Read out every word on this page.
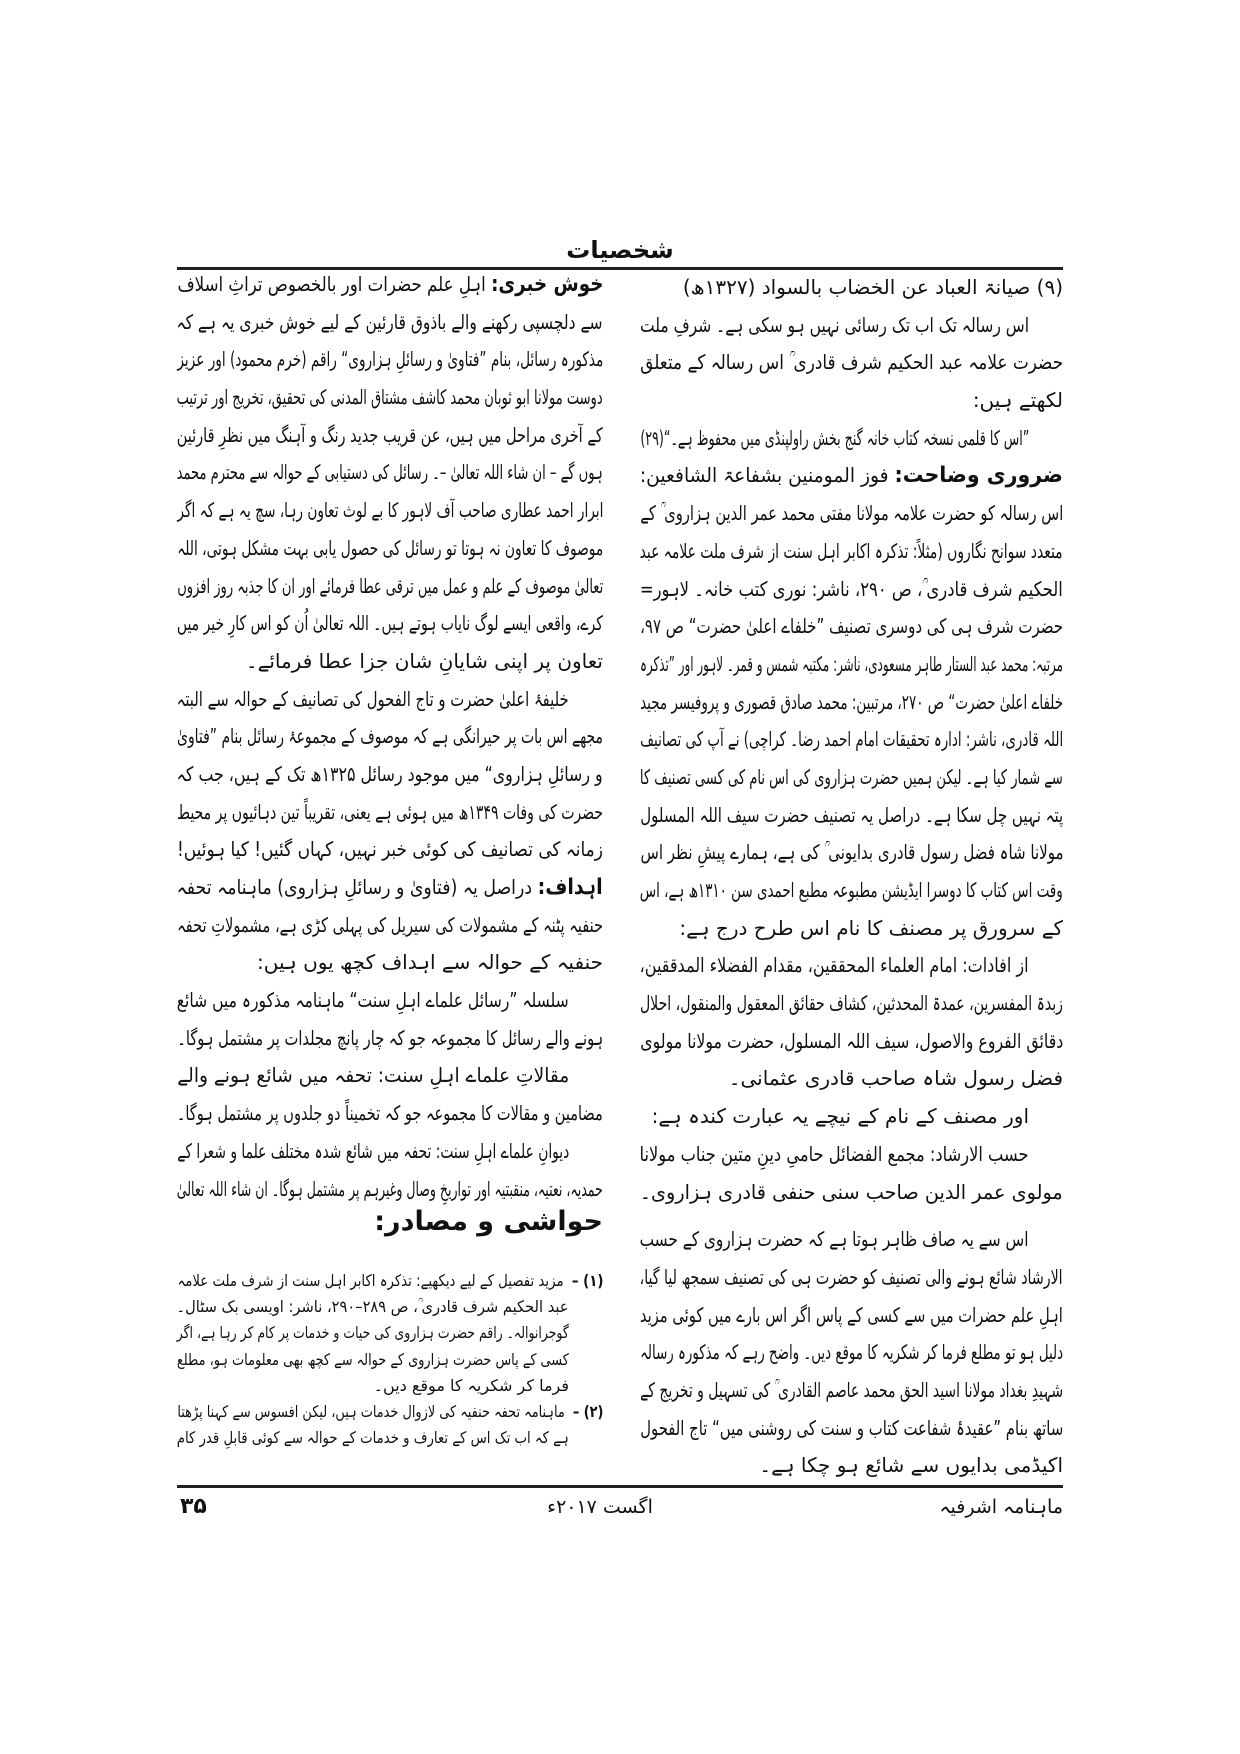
شخصیات
(۹) صیانۃ العباد عن الخضاب بالسواد (۱۳۲۷ھ)
اس رسالہ تک اب تک رسائی نہیں ہو سکی ہے۔ شرفِ ملت
حضرت علامہ عبد الحکیم شرف قادری ؒ اس رسالہ کے متعلق
لکھتے ہیں:
”اس کا قلمی نسخہ کتاب خانہ گنج بخش راولپنڈی میں محفوظ ہے۔“(۲۹)
ضروری وضاحت: فوز المومنین بشفاعۃ الشافعین:
اس رسالہ کو حضرت علامہ مولانا مفتی محمد عمر الدین ہزاروی ؒ کے
متعدد سوانح نگاروں (مثلاً: تذکرہ اکابر اہل سنت از شرف ملت علامہ عبد
الحکیم شرف قادری ؒ، ص ۲۹۰، ناشر: نوری کتب خانہ۔ لاہور=
حضرت شرف ہی کی دوسری تصنیف ”خلفاے اعلیٰ حضرت“ ص ۹۷،
مرتبہ: محمد عبد الستار طاہر مسعودی، ناشر: مکتبہ شمس و قمر۔ لاہور اور ”تذکرہ
خلفاے اعلیٰ حضرت“ ص ۲۷۰، مرتبین: محمد صادق قصوری و پروفیسر مجید
اللہ قادری، ناشر: ادارہ تحقیقات امام احمد رضا۔ کراچی) نے آپ کی تصانیف
سے شمار کیا ہے۔ لیکن ہمیں حضرت ہزاروی کی اس نام کی کسی تصنیف کا
پتہ نہیں چل سکا ہے۔ دراصل یہ تصنیف حضرت سیف اللہ المسلول
مولانا شاہ فضل رسول قادری بدایونی ؒ کی ہے، ہمارے پیشِ نظر اس
وقت اس کتاب کا دوسرا ایڈیشن مطبوعہ مطبع احمدی سن ۱۳۱۰ھ ہے، اس
کے سرورق پر مصنف کا نام اس طرح درج ہے:
از افادات: امام العلماء المحققین، مقدام الفضلاء المدققین،
زبدۃ المفسرین، عمدۃ المحدثین، کشاف حقائق المعقول والمنقول، احلال
دقائق الفروع والاصول، سیف اللہ المسلول، حضرت مولانا مولوی
فضل رسول شاہ صاحب قادری عثمانی۔
اور مصنف کے نام کے نیچے یہ عبارت کندہ ہے:
حسب الارشاد: مجمع الفضائل حامیِ دینِ متین جناب مولانا
مولوی عمر الدین صاحب سنی حنفی قادری ہزاروی۔
اس سے یہ صاف ظاہر ہوتا ہے کہ حضرت ہزاروی کے حسب
الارشاد شائع ہونے والی تصنیف کو حضرت ہی کی تصنیف سمجھ لیا گیا،
اہلِ علم حضرات میں سے کسی کے پاس اگر اس بارے میں کوئی مزید
دلیل ہو تو مطلع فرما کر شکریہ کا موقع دیں۔ واضح رہے کہ مذکورہ رسالہ
شہیدِ بغداد مولانا اسید الحق محمد عاصم القادری ؒ کی تسہیل و تخریج کے
ساتھ بنام ”عقیدۂ شفاعت کتاب و سنت کی روشنی میں“ تاج الفحول
اکیڈمی بدایوں سے شائع ہو چکا ہے۔
خوش خبری: اہلِ علم حضرات اور بالخصوص تراثِ اسلاف
سے دلچسپی رکھنے والے باذوق قارئین کے لیے خوش خبری یہ ہے کہ
مذکورہ رسائل، بنام ”فتاویٰ و رسائلِ ہزاروی“ راقم (خرم محمود) اور عزیز
دوست مولانا ابو ثوبان محمد کاشف مشتاق المدنی کی تحقیق، تخریج اور ترتیب
کے آخری مراحل میں ہیں، عن قریب جدید رنگ و آہنگ میں نظرِ قارئین
ہوں گے – ان شاء اللہ تعالیٰ –۔ رسائل کی دستیابی کے حوالہ سے محترم محمد
ابرار احمد عطاری صاحب آف لاہور کا بے لوث تعاون رہا، سچ یہ ہے کہ اگر
موصوف کا تعاون نہ ہوتا تو رسائل کی حصول یابی بہت مشکل ہوتی، اللہ
تعالیٰ موصوف کے علم و عمل میں ترقی عطا فرمائے اور ان کا جذبہ روز افزوں
کرے، واقعی ایسے لوگ نایاب ہوتے ہیں۔ اللہ تعالیٰ اُن کو اس کارِ خیر میں
تعاون پر اپنی شایانِ شان جزا عطا فرمائے۔
خلیفۂ اعلیٰ حضرت و تاج الفحول کی تصانیف کے حوالہ سے البتہ
مجھے اس بات پر حیرانگی ہے کہ موصوف کے مجموعۂ رسائل بنام ”فتاویٰ
و رسائلِ ہزاروی“ میں موجود رسائل ۱۳۲۵ھ تک کے ہیں، جب کہ
حضرت کی وفات ۱۳۴۹ھ میں ہوئی ہے یعنی، تقریباً تین دہائیوں پر محیط
زمانہ کی تصانیف کی کوئی خبر نہیں، کہاں گئیں! کیا ہوئیں!
اہداف: دراصل یہ (فتاویٰ و رسائلِ ہزاروی) ماہنامہ تحفہ
حنفیہ پٹنہ کے مشمولات کی سیریل کی پہلی کڑی ہے، مشمولاتِ تحفہ
حنفیہ کے حوالہ سے اہداف کچھ یوں ہیں:
سلسلہ ”رسائل علماے اہلِ سنت“ ماہنامہ مذکورہ میں شائع
ہونے والے رسائل کا مجموعہ جو کہ چار پانچ مجلدات پر مشتمل ہوگا۔
مقالاتِ علماے اہلِ سنت: تحفہ میں شائع ہونے والے
مضامین و مقالات کا مجموعہ جو کہ تخمیناً دو جلدوں پر مشتمل ہوگا۔
دیوانِ علماے اہلِ سنت: تحفہ میں شائع شدہ مختلف علما و شعرا کے
حمدیہ، نعتیہ، منقبتیہ اور تواریخِ وصال وغیرہم پر مشتمل ہوگا۔ ان شاء اللہ تعالیٰ
حواشی و مصادر:
(۱) –مزید تفصیل کے لیے دیکھیے: تذکرہ اکابر اہل سنت از شرف ملت علامہ
عبد الحکیم شرف قادری ؒ، ص ۲۸۹–۲۹۰، ناشر: اویسی بک سٹال۔
گوجرانوالہ۔ راقم حضرت ہزاروی کی حیات و خدمات پر کام کر رہا ہے، اگر
کسی کے پاس حضرت ہزاروی کے حوالہ سے کچھ بھی معلومات ہو، مطلع
فرما کر شکریہ کا موقع دیں۔
(۲) –ماہنامہ تحفہ حنفیہ کی لازوال خدمات ہیں، لیکن افسوس سے کہنا پڑھتا
ہے کہ اب تک اس کے تعارف و خدمات کے حوالہ سے کوئی قابلِ قدر کام
ماہنامہ اشرفیہ
اگست ۲۰۱۷ء
۳۵
